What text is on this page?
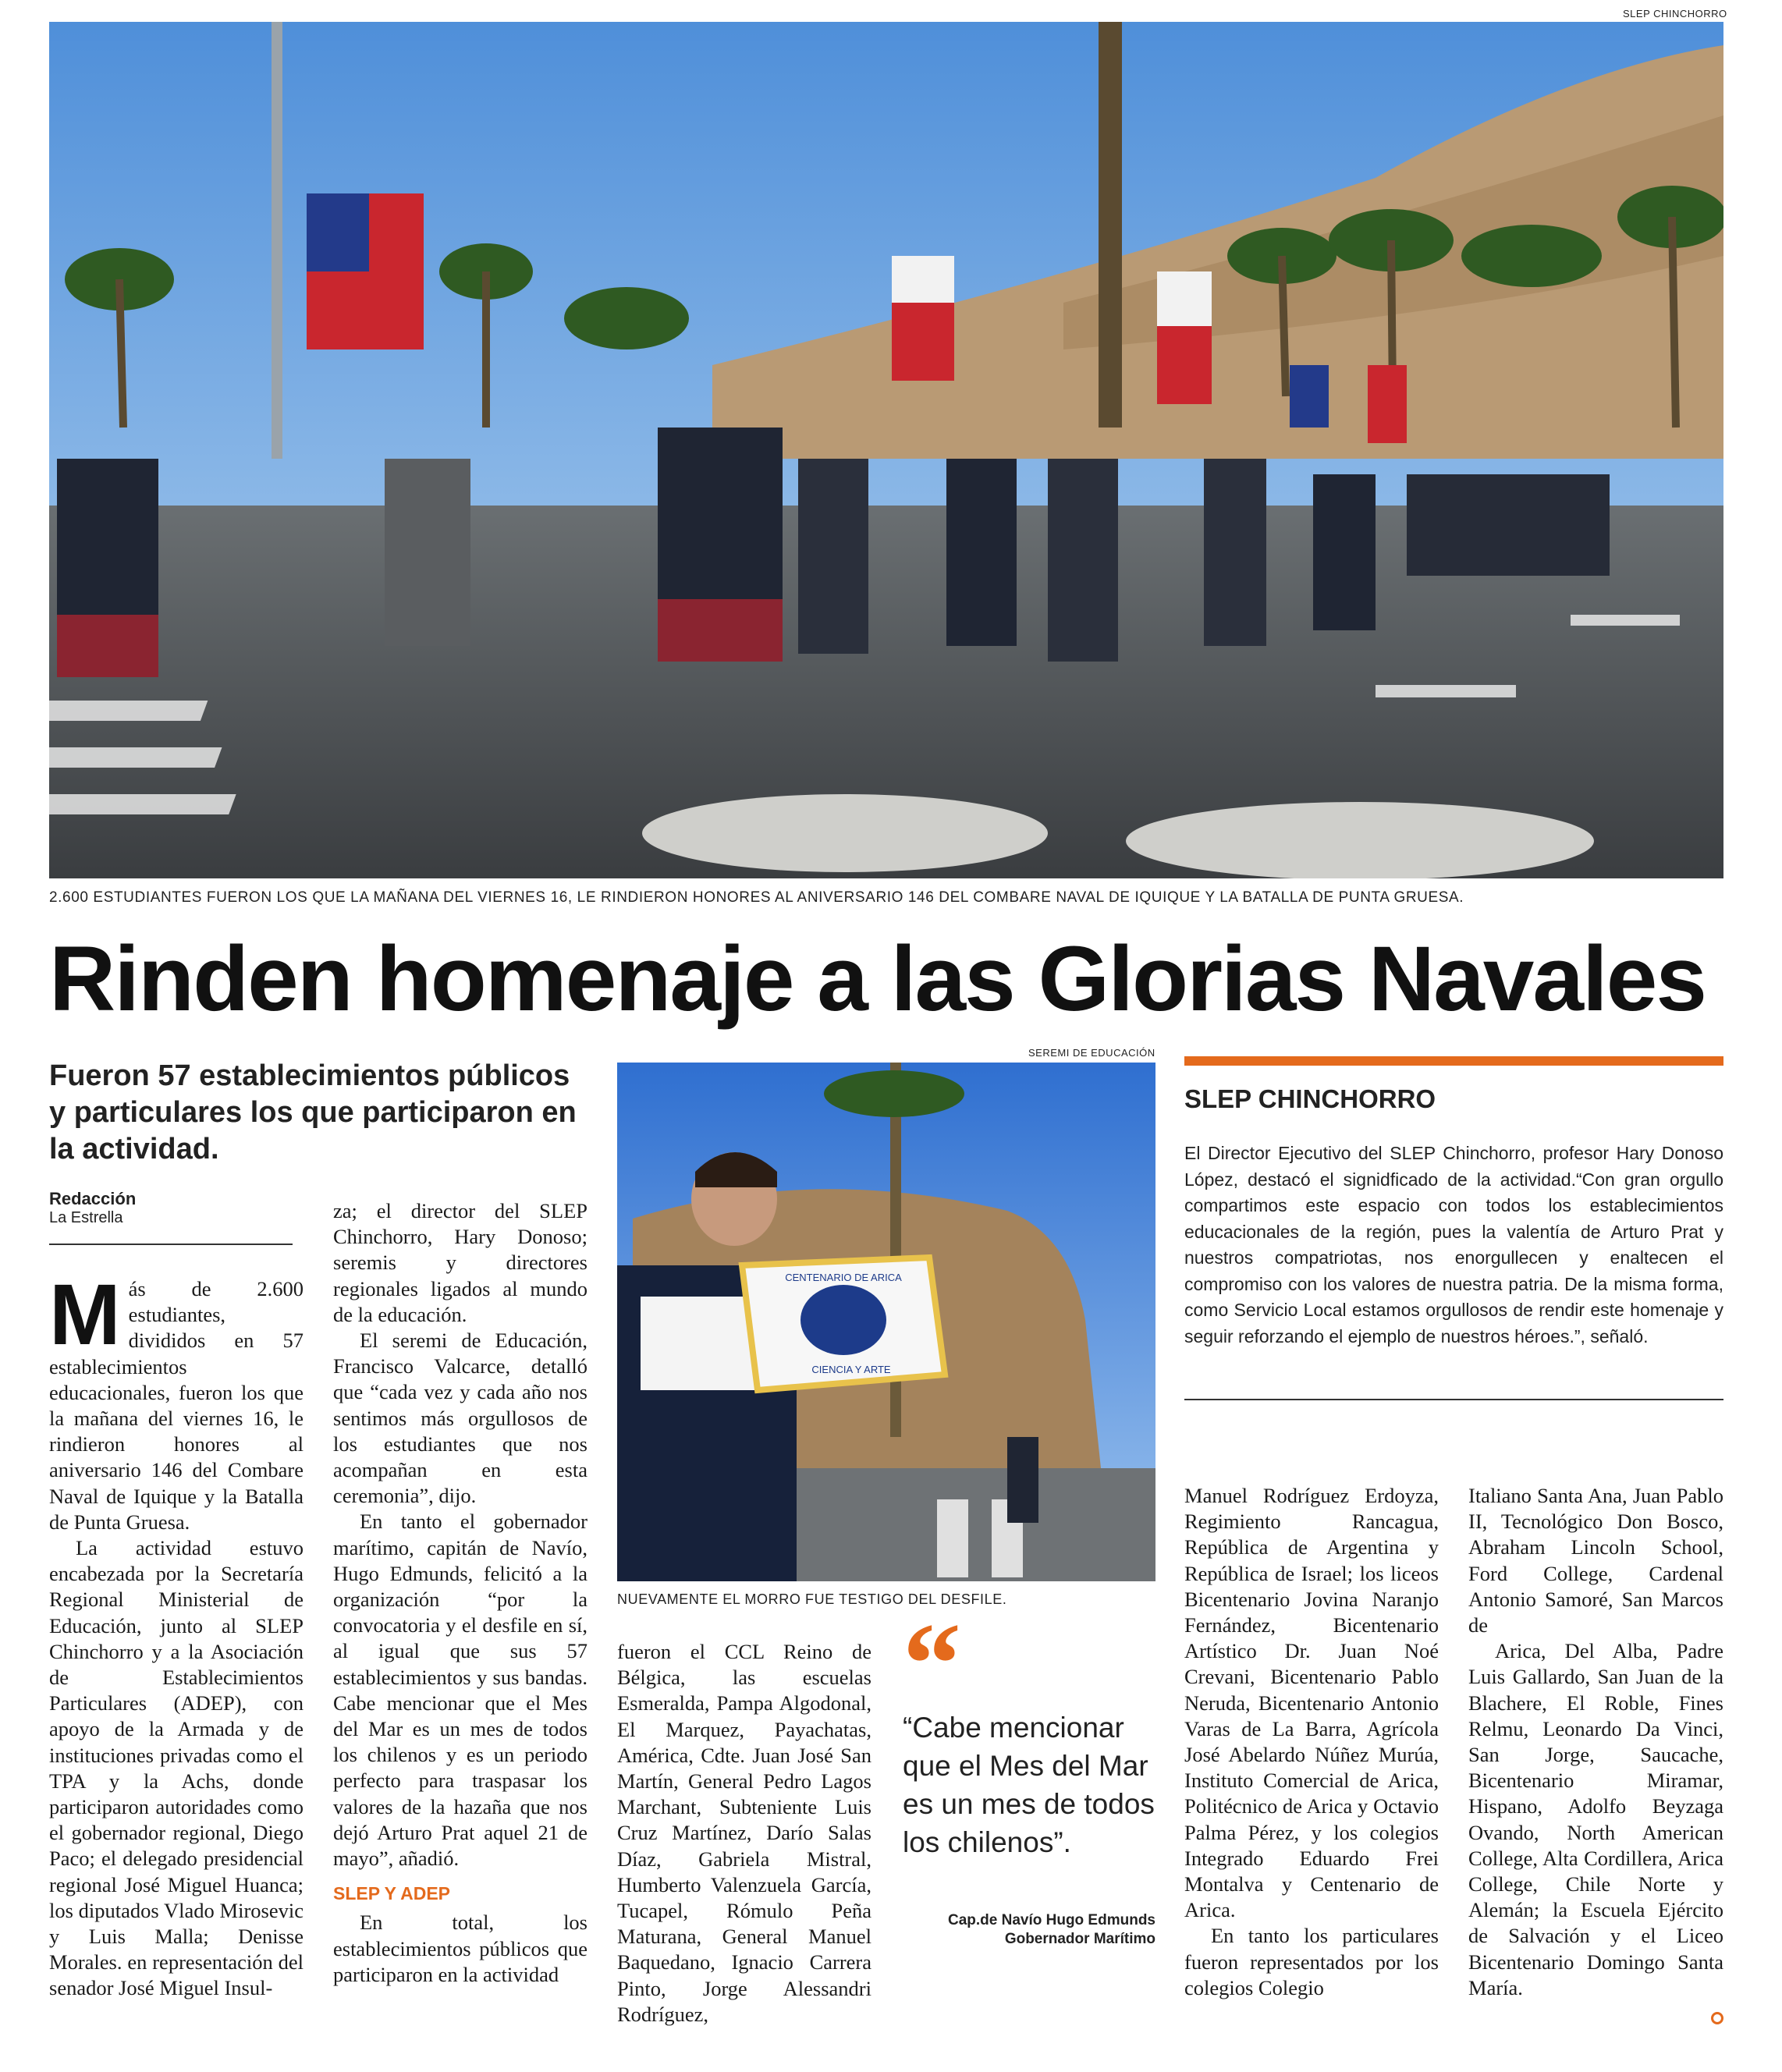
SLEP CHINCHORRO
2.600 ESTUDIANTES FUERON LOS QUE LA MAÑANA DEL VIERNES 16, LE RINDIERON HONORES AL ANIVERSARIO 146 DEL COMBARE NAVAL DE IQUIQUE Y LA BATALLA DE PUNTA GRUESA.
Rinden homenaje a las Glorias Navales
Fueron 57 establecimientos públicos y particulares los que participaron en la actividad.
Redacción
La Estrella

Más de 2.600 estudiantes, divididos en 57 establecimientos educacionales, fueron los que la mañana del viernes 16, le rindieron honores al aniversario 146 del Combare Naval de Iquique y la Batalla de Punta Gruesa.

La actividad estuvo encabezada por la Secretaría Regional Ministerial de Educación, junto al SLEP Chinchorro y a la Asociación de Establecimientos Particulares (ADEP), con apoyo de la Armada y de instituciones privadas como el TPA y la Achs, donde participaron autoridades como el gobernador regional, Diego Paco; el delegado presidencial regional José Miguel Huanca; los diputados Vlado Mirosevic y Luis Malla; Denisse Morales. en representación del senador José Miguel Insul-

za; el director del SLEP Chinchorro, Hary Donoso; seremis y directores regionales ligados al mundo de la educación.

El seremi de Educación, Francisco Valcarce, detalló que “cada vez y cada año nos sentimos más orgullosos de los estudiantes que nos acompañan en esta ceremonia”, dijo.

En tanto el gobernador marítimo, capitán de Navío, Hugo Edmunds, felicitó a la organización “por la convocatoria y el desfile en sí, al igual que sus 57 establecimientos y sus bandas. Cabe mencionar que el Mes del Mar es un mes de todos los chilenos y es un periodo perfecto para traspasar los valores de la hazaña que nos dejó Arturo Prat aquel 21 de mayo”, añadió.

SLEP Y ADEP

En total, los establecimientos públicos que participaron en la actividad

SEREMI DE EDUCACIÓN
CENTENARIO DE ARICA
CIENCIA Y ARTE
NUEVAMENTE EL MORRO FUE TESTIGO DEL DESFILE.

fueron el CCL Reino de Bélgica, las escuelas Esmeralda, Pampa Algodonal, El Marquez, Payachatas, América, Cdte. Juan José San Martín, General Pedro Lagos Marchant, Subteniente Luis Cruz Martínez, Darío Salas Díaz, Gabriela Mistral, Humberto Valenzuela García, Tucapel, Rómulo Peña Maturana, General Manuel Baquedano, Ignacio Carrera Pinto, Jorge Alessandri Rodríguez,

“
“Cabe mencionar que el Mes del Mar es un mes de todos los chilenos”.
Cap.de Navío Hugo Edmunds
Gobernador Marítimo
SLEP CHINCHORRO
El Director Ejecutivo del SLEP Chinchorro, profesor Hary Donoso López, destacó el signidficado de la actividad.“Con gran orgullo compartimos este espacio con todos los establecimientos educacionales de la región, pues la valentía de Arturo Prat y nuestros compatriotas, nos enorgullecen y enaltecen el compromiso con los valores de nuestra patria. De la misma forma, como Servicio Local estamos orgullosos de rendir este homenaje y seguir reforzando el ejemplo de nuestros héroes.”, señaló.

Manuel Rodríguez Erdoyza, Regimiento Rancagua, República de Argentina y República de Israel; los liceos Bicentenario Jovina Naranjo Fernández, Bicentenario Artístico Dr. Juan Noé Crevani, Bicentenario Pablo Neruda, Bicentenario Antonio Varas de La Barra, Agrícola José Abelardo Núñez Murúa, Instituto Comercial de Arica, Politécnico de Arica y Octavio Palma Pérez, y los colegios Integrado Eduardo Frei Montalva y Centenario de Arica.

En tanto los particulares fueron representados por los colegios Colegio

Italiano Santa Ana, Juan Pablo II, Tecnológico Don Bosco, Abraham Lincoln School, Ford College, Cardenal Antonio Samoré, San Marcos de

Arica, Del Alba, Padre Luis Gallardo, San Juan de la Blachere, El Roble, Fines Relmu, Leonardo Da Vinci, San Jorge, Saucache, Bicentenario Miramar, Hispano, Adolfo Beyzaga Ovando, North American College, Alta Cordillera, Arica College, Chile Norte y Alemán; la Escuela Ejército de Salvación y el Liceo Bicentenario Domingo Santa María.
